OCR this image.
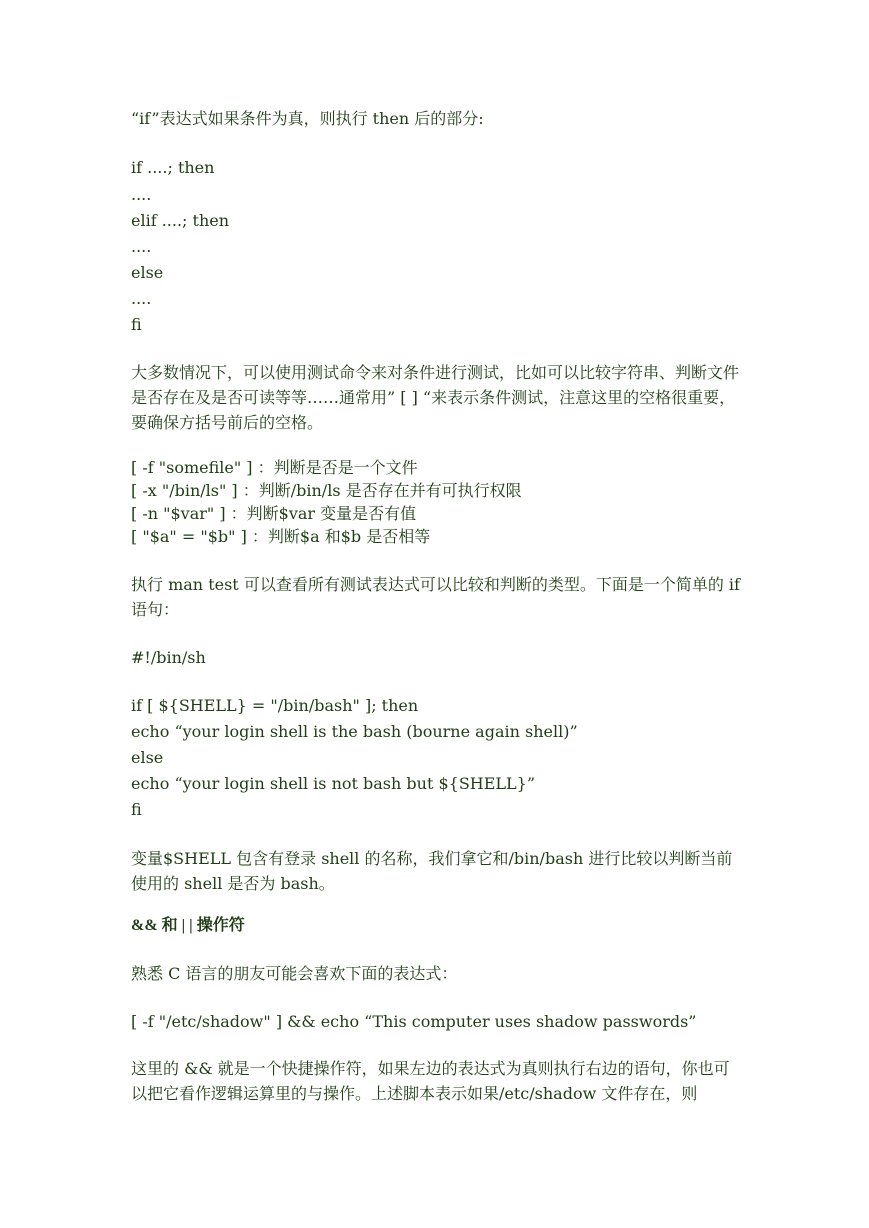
“if”表达式如果条件为真，则执行 then 后的部分:
if ....; then
....
elif ....; then
....
else
....
fi
大多数情况下，可以使用测试命令来对条件进行测试，比如可以比较字符串、判断文件是否存在及是否可读等等……通常用” [ ] “来表示条件测试，注意这里的空格很重要，要确保方括号前后的空格。
[ -f "somefile" ] ：判断是否是一个文件
[ -x "/bin/ls" ] ：判断/bin/ls 是否存在并有可执行权限
[ -n "$var" ] ：判断$var 变量是否有值
[ "$a" = "$b" ] ：判断$a 和$b 是否相等
执行 man test 可以查看所有测试表达式可以比较和判断的类型。下面是一个简单的 if 语句：
#!/bin/sh
if [ ${SHELL} = "/bin/bash" ]; then
echo “your login shell is the bash (bourne again shell)”
else
echo “your login shell is not bash but ${SHELL}”
fi
变量$SHELL 包含有登录 shell 的名称，我们拿它和/bin/bash 进行比较以判断当前使用的 shell 是否为 bash。
&& 和 | | 操作符
熟悉 C 语言的朋友可能会喜欢下面的表达式：
[ -f "/etc/shadow" ] && echo “This computer uses shadow passwords”
这里的 && 就是一个快捷操作符，如果左边的表达式为真则执行右边的语句，你也可以把它看作逻辑运算里的与操作。上述脚本表示如果/etc/shadow 文件存在，则
